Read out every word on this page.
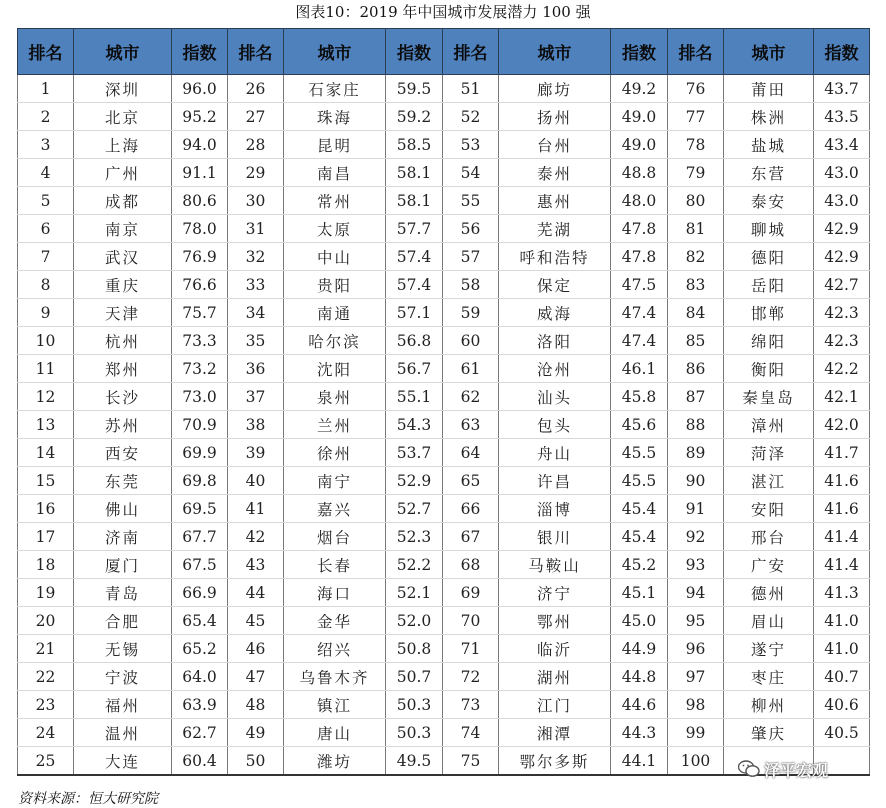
图表10：2019 年中国城市发展潜力 100 强
排名	城市	指数	排名	城市	指数	排名	城市	指数	排名	城市	指数
1	深圳	96.0	26	石家庄	59.5	51	廊坊	49.2	76	莆田	43.7
2	北京	95.2	27	珠海	59.2	52	扬州	49.0	77	株洲	43.5
3	上海	94.0	28	昆明	58.5	53	台州	49.0	78	盐城	43.4
4	广州	91.1	29	南昌	58.1	54	泰州	48.8	79	东营	43.0
5	成都	80.6	30	常州	58.1	55	惠州	48.0	80	泰安	43.0
6	南京	78.0	31	太原	57.7	56	芜湖	47.8	81	聊城	42.9
7	武汉	76.9	32	中山	57.4	57	呼和浩特	47.8	82	德阳	42.9
8	重庆	76.6	33	贵阳	57.4	58	保定	47.5	83	岳阳	42.7
9	天津	75.7	34	南通	57.1	59	威海	47.4	84	邯郸	42.3
10	杭州	73.3	35	哈尔滨	56.8	60	洛阳	47.4	85	绵阳	42.3
11	郑州	73.2	36	沈阳	56.7	61	沧州	46.1	86	衡阳	42.2
12	长沙	73.0	37	泉州	55.1	62	汕头	45.8	87	秦皇岛	42.1
13	苏州	70.9	38	兰州	54.3	63	包头	45.6	88	漳州	42.0
14	西安	69.9	39	徐州	53.7	64	舟山	45.5	89	菏泽	41.7
15	东莞	69.8	40	南宁	52.9	65	许昌	45.5	90	湛江	41.6
16	佛山	69.5	41	嘉兴	52.7	66	淄博	45.4	91	安阳	41.6
17	济南	67.7	42	烟台	52.3	67	银川	45.4	92	邢台	41.4
18	厦门	67.5	43	长春	52.2	68	马鞍山	45.2	93	广安	41.4
19	青岛	66.9	44	海口	52.1	69	济宁	45.1	94	德州	41.3
20	合肥	65.4	45	金华	52.0	70	鄂州	45.0	95	眉山	41.0
21	无锡	65.2	46	绍兴	50.8	71	临沂	44.9	96	遂宁	41.0
22	宁波	64.0	47	乌鲁木齐	50.7	72	湖州	44.8	97	枣庄	40.7
23	福州	63.9	48	镇江	50.3	73	江门	44.6	98	柳州	40.6
24	温州	62.7	49	唐山	50.3	74	湘潭	44.3	99	肇庆	40.5
25	大连	60.4	50	潍坊	49.5	75	鄂尔多斯	44.1	100		
资料来源：恒大研究院
泽平宏观
